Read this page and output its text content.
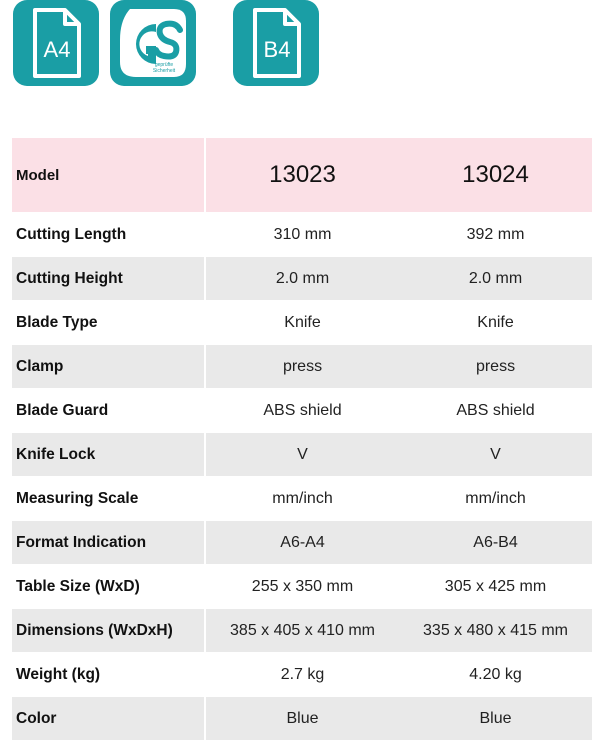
A4
geprüfte
Sicherheit
B4
Model	13023	13024
Cutting Length	310 mm	392 mm
Cutting Height	2.0 mm	2.0 mm
Blade Type	Knife	Knife
Clamp	press	press
Blade Guard	ABS shield	ABS shield
Knife Lock	V	V
Measuring Scale	mm/inch	mm/inch
Format Indication	A6-A4	A6-B4
Table Size (WxD)	255 x 350 mm	305 x 425 mm
Dimensions (WxDxH)	385 x 405 x 410 mm	335 x 480 x 415 mm
Weight (kg)	2.7 kg	4.20 kg
Color	Blue	Blue
